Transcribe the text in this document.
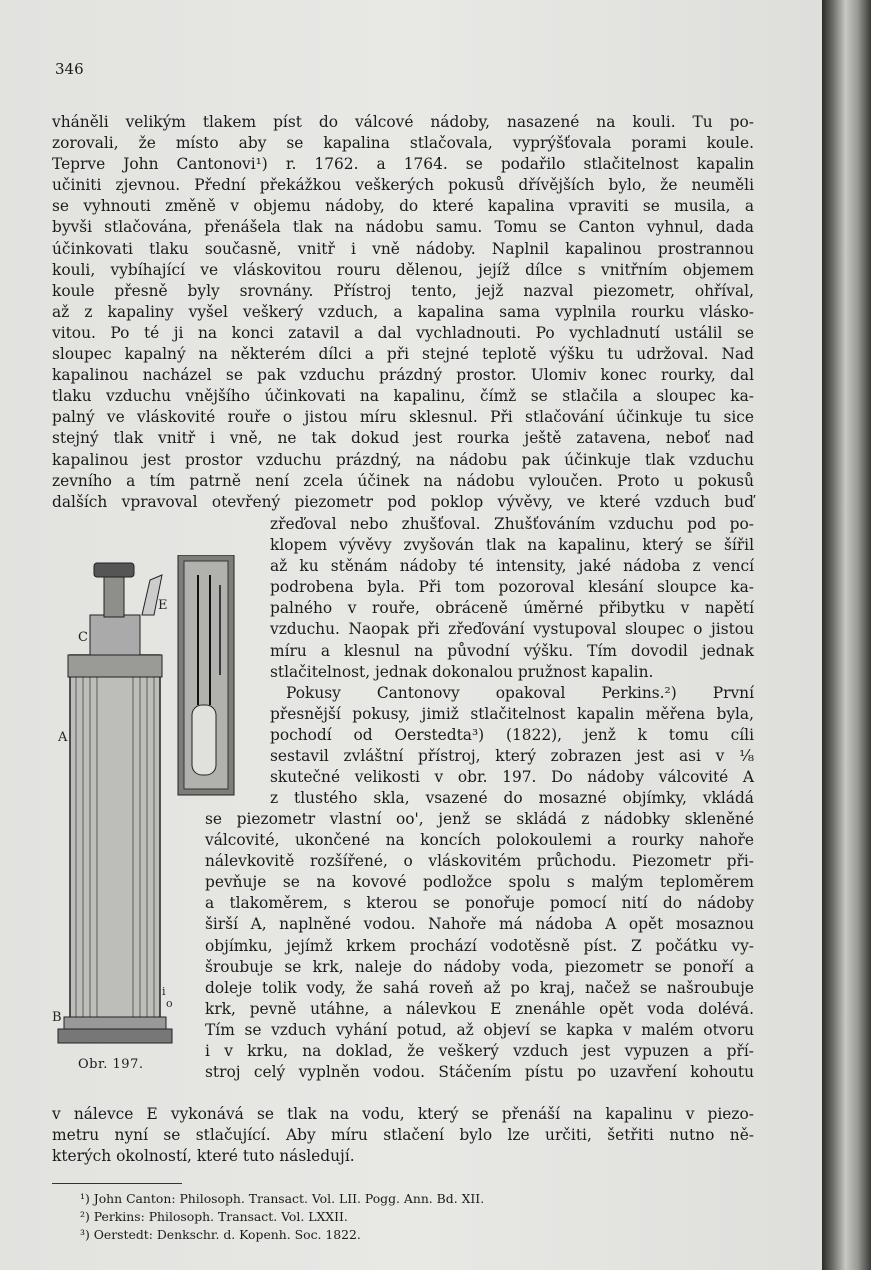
346
vháněli velikým tlakem píst do válcové nádoby, nasazené na kouli. Tu po-
zorovali, že místo aby se kapalina stlačovala, vyprýšťovala porami koule.
Teprve John Cantonovi¹) r. 1762. a 1764. se podařilo stlačitelnost kapalin
učiniti zjevnou. Přední překážkou veškerých pokusů dřívějších bylo, že neuměli
se vyhnouti změně v objemu nádoby, do které kapalina vpraviti se musila, a
byvši stlačována, přenášela tlak na nádobu samu. Tomu se Canton vyhnul, dada
účinkovati tlaku současně, vnitř i vně nádoby. Naplnil kapalinou prostrannou
kouli, vybíhající ve vláskovitou rouru dělenou, jejíž dílce s vnitřním objemem
koule přesně byly srovnány. Přístroj tento, jejž nazval piezometr, ohříval,
až z kapaliny vyšel veškerý vzduch, a kapalina sama vyplnila rourku vlásko-
vitou. Po té ji na konci zatavil a dal vychladnouti. Po vychladnutí ustálil se
sloupec kapalný na některém dílci a při stejné teplotě výšku tu udržoval. Nad
kapalinou nacházel se pak vzduchu prázdný prostor. Ulomiv konec rourky, dal
tlaku vzduchu vnějšího účinkovati na kapalinu, čímž se stlačila a sloupec ka-
palný ve vláskovité rouře o jistou míru sklesnul. Při stlačování účinkuje tu sice
stejný tlak vnitř i vně, ne tak dokud jest rourka ještě zatavena, neboť nad
kapalinou jest prostor vzduchu prázdný, na nádobu pak účinkuje tlak vzduchu
zevního a tím patrně není zcela účinek na nádobu vyloučen. Proto u pokusů
dalších vpravoval otevřený piezometr pod poklop vývěvy, ve které vzduch buď
zřeďoval nebo zhušťoval. Zhušťováním vzduchu pod po-
klopem vývěvy zvyšován tlak na kapalinu, který se šířil
až ku stěnám nádoby té intensity, jaké nádoba z vencí
podrobena byla. Při tom pozoroval klesání sloupce ka-
palného v rouře, obráceně úměrné přibytku v napětí
vzduchu. Naopak při zřeďování vystupoval sloupec o jistou
míru a klesnul na původní výšku. Tím dovodil jednak
stlačitelnost, jednak dokonalou pružnost kapalin.
Pokusy Cantonovy opakoval Perkins.²) První
přesnější pokusy, jimiž stlačitelnost kapalin měřena byla,
pochodí od Oerstedta³) (1822), jenž k tomu cíli
sestavil zvláštní přístroj, který zobrazen jest asi v ¹⁄₈
skutečné velikosti v obr. 197. Do nádoby válcovité A
z tlustého skla, vsazené do mosazné objímky, vkládá
se piezometr vlastní oo', jenž se skládá z nádobky skleněné
válcovité, ukončené na koncích polokoulemi a rourky nahoře
nálevkovitě rozšířené, o vláskovitém průchodu. Piezometr při-
pevňuje se na kovové podložce spolu s malým teploměrem
a tlakoměrem, s kterou se ponořuje pomocí nití do nádoby
širší A, naplněné vodou. Nahoře má nádoba A opět mosaznou
objímku, jejímž krkem prochází vodotěsně píst. Z počátku vy-
šroubuje se krk, naleje do nádoby voda, piezometr se ponoří a
doleje tolik vody, že sahá roveň až po kraj, načež se našroubuje
krk, pevně utáhne, a nálevkou E znenáhle opět voda dolévá.
Tím se vzduch vyhání potud, až objeví se kapka v malém otvoru
i v krku, na doklad, že veškerý vzduch jest vypuzen a pří-
stroj celý vyplněn vodou. Stáčením pístu po uzavření kohoutu
v nálevce E vykonává se tlak na vodu, který se přenáší na kapalinu v piezo-
metru nyní se stlačující. Aby míru stlačení bylo lze určiti, šetřiti nutno ně-
kterých okolností, které tuto následují.
E
C
A
B
i
o
Obr. 197.
¹) John Canton: Philosoph. Transact. Vol. LII. Pogg. Ann. Bd. XII.
²) Perkins: Philosoph. Transact. Vol. LXXII.
³) Oerstedt: Denkschr. d. Kopenh. Soc. 1822.
